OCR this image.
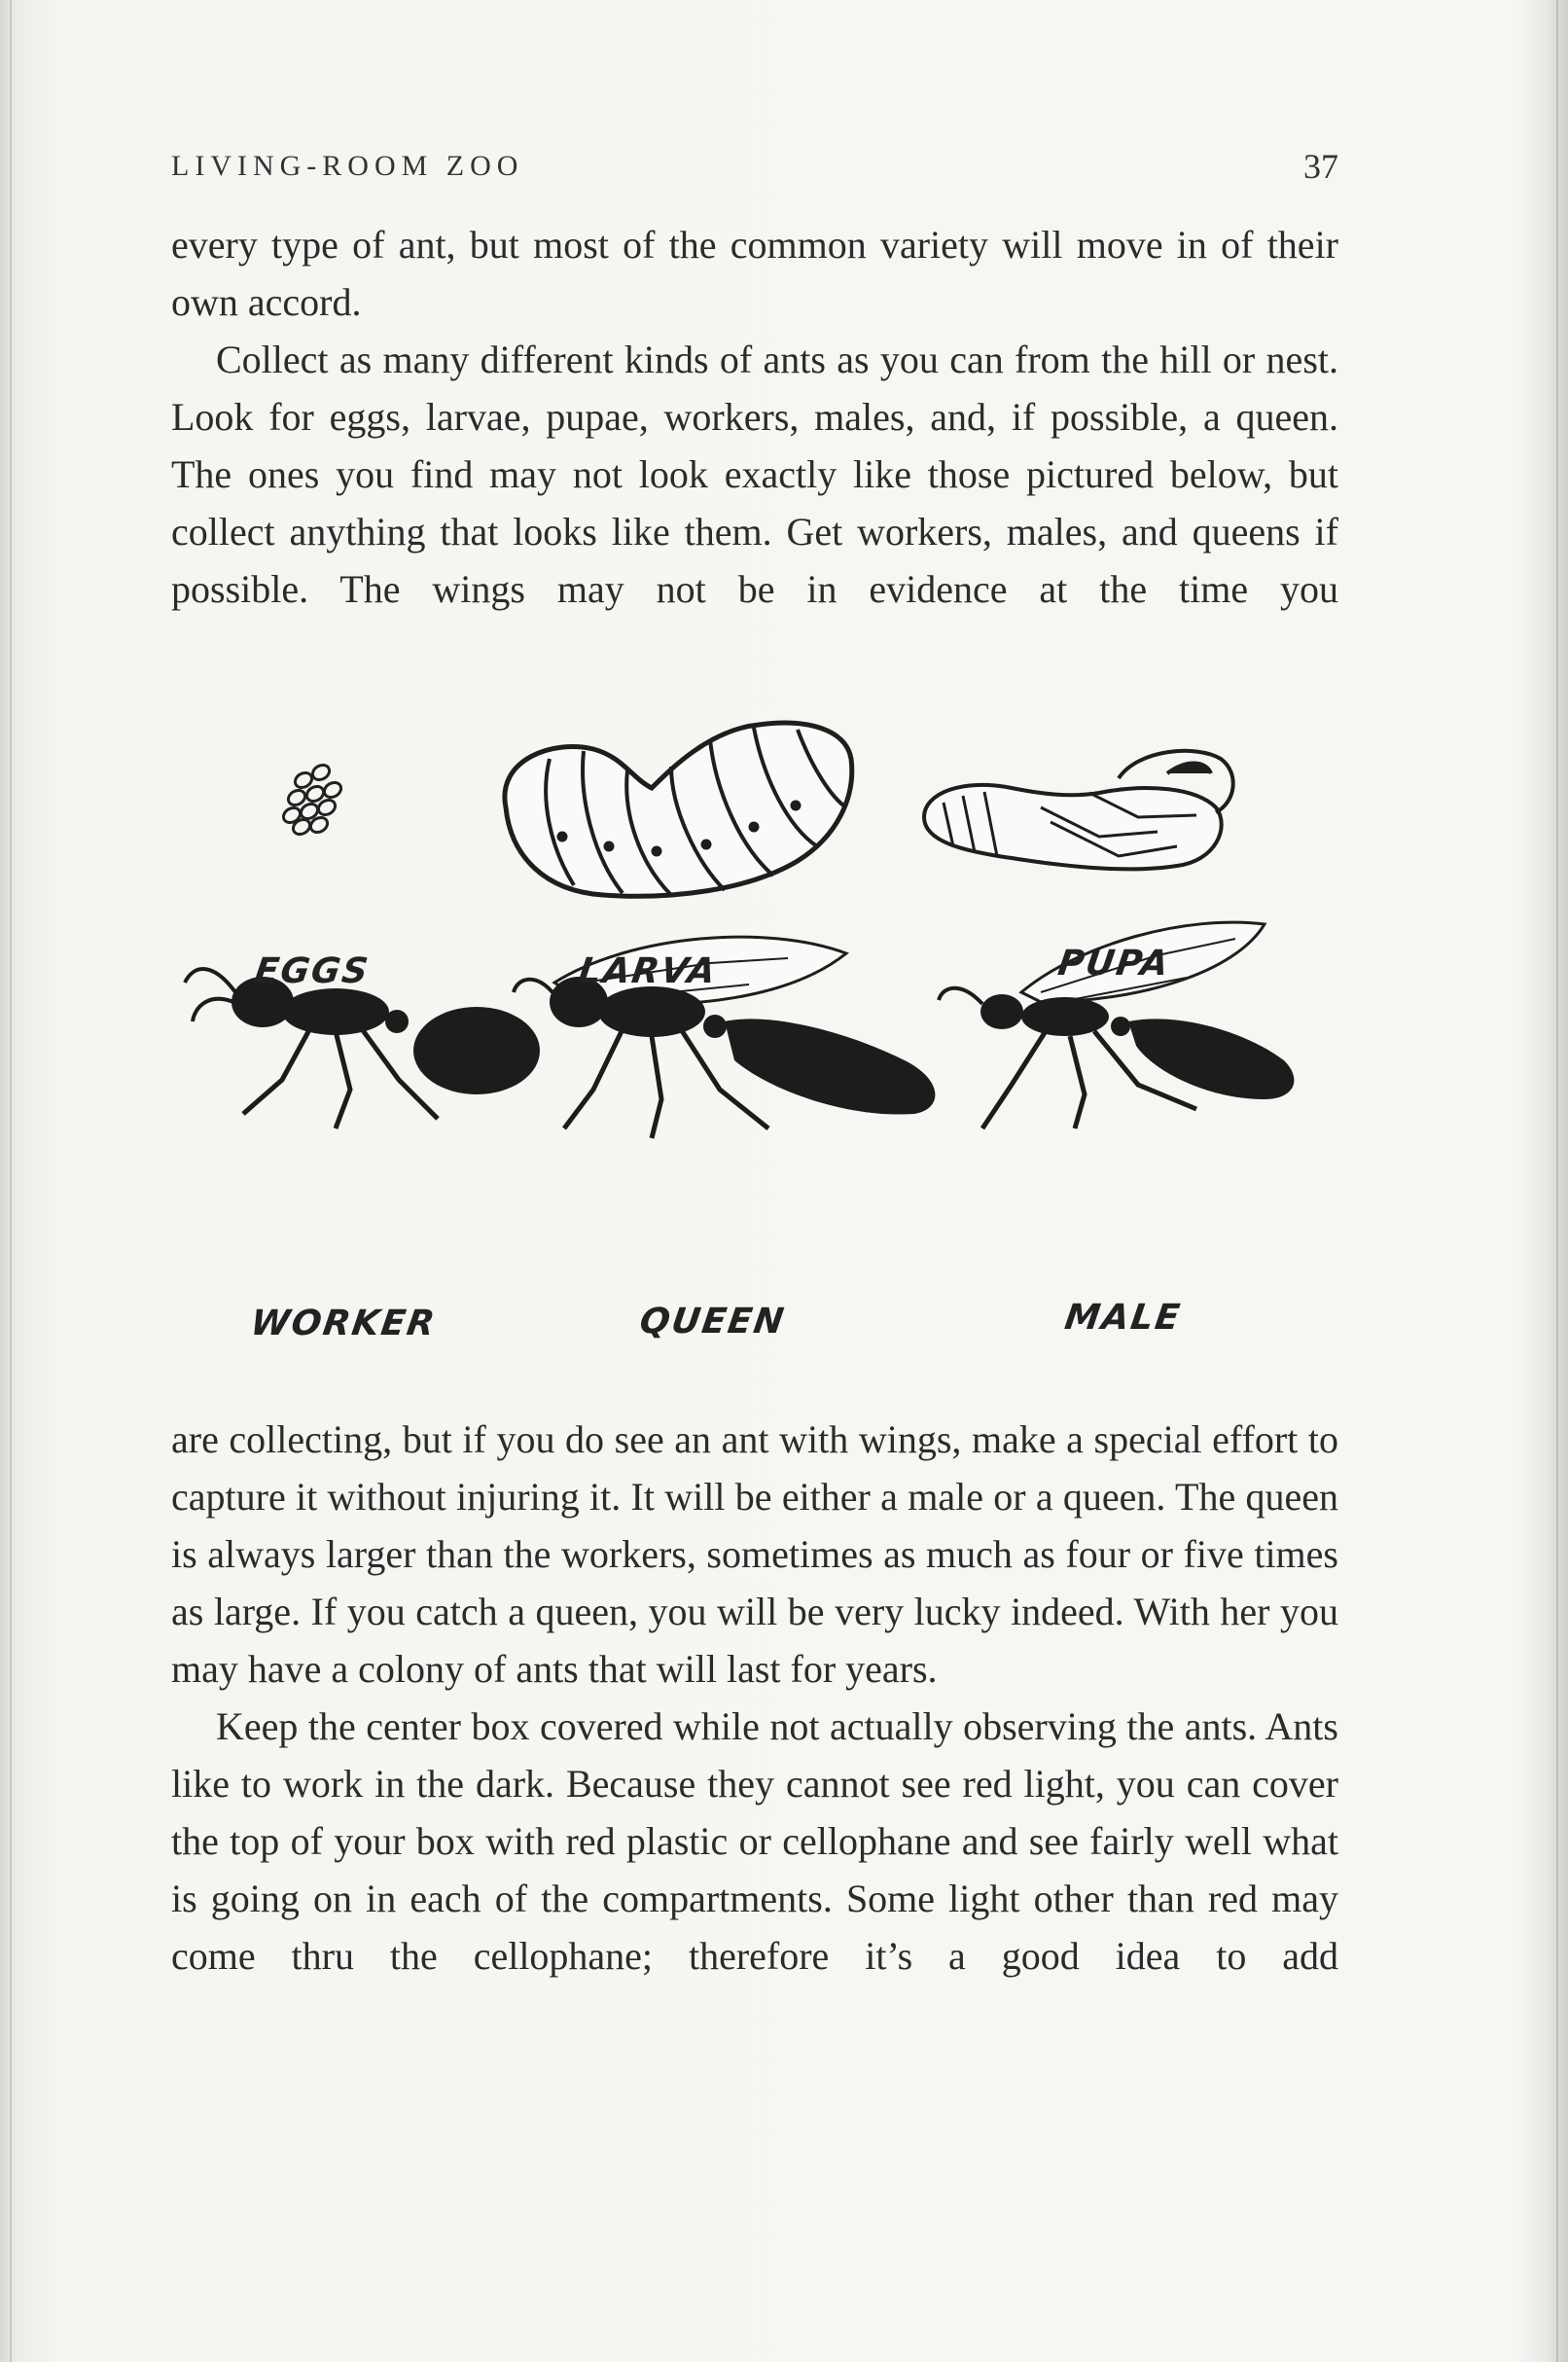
LIVING-ROOM ZOO	37

every type of ant, but most of the common variety will move in of their own accord.

Collect as many different kinds of ants as you can from the hill or nest. Look for eggs, larvae, pupae, workers, males, and, if possible, a queen. The ones you find may not look exactly like those pictured below, but collect anything that looks like them. Get workers, males, and queens if possible. The wings may not be in evidence at the time you

EGGS	LARVA	PUPA
WORKER	QUEEN	MALE

are collecting, but if you do see an ant with wings, make a special effort to capture it without injuring it. It will be either a male or a queen. The queen is always larger than the workers, sometimes as much as four or five times as large. If you catch a queen, you will be very lucky indeed. With her you may have a colony of ants that will last for years.

Keep the center box covered while not actually observing the ants. Ants like to work in the dark. Because they cannot see red light, you can cover the top of your box with red plastic or cellophane and see fairly well what is going on in each of the compartments. Some light other than red may come thru the cellophane; therefore it’s a good idea to add
